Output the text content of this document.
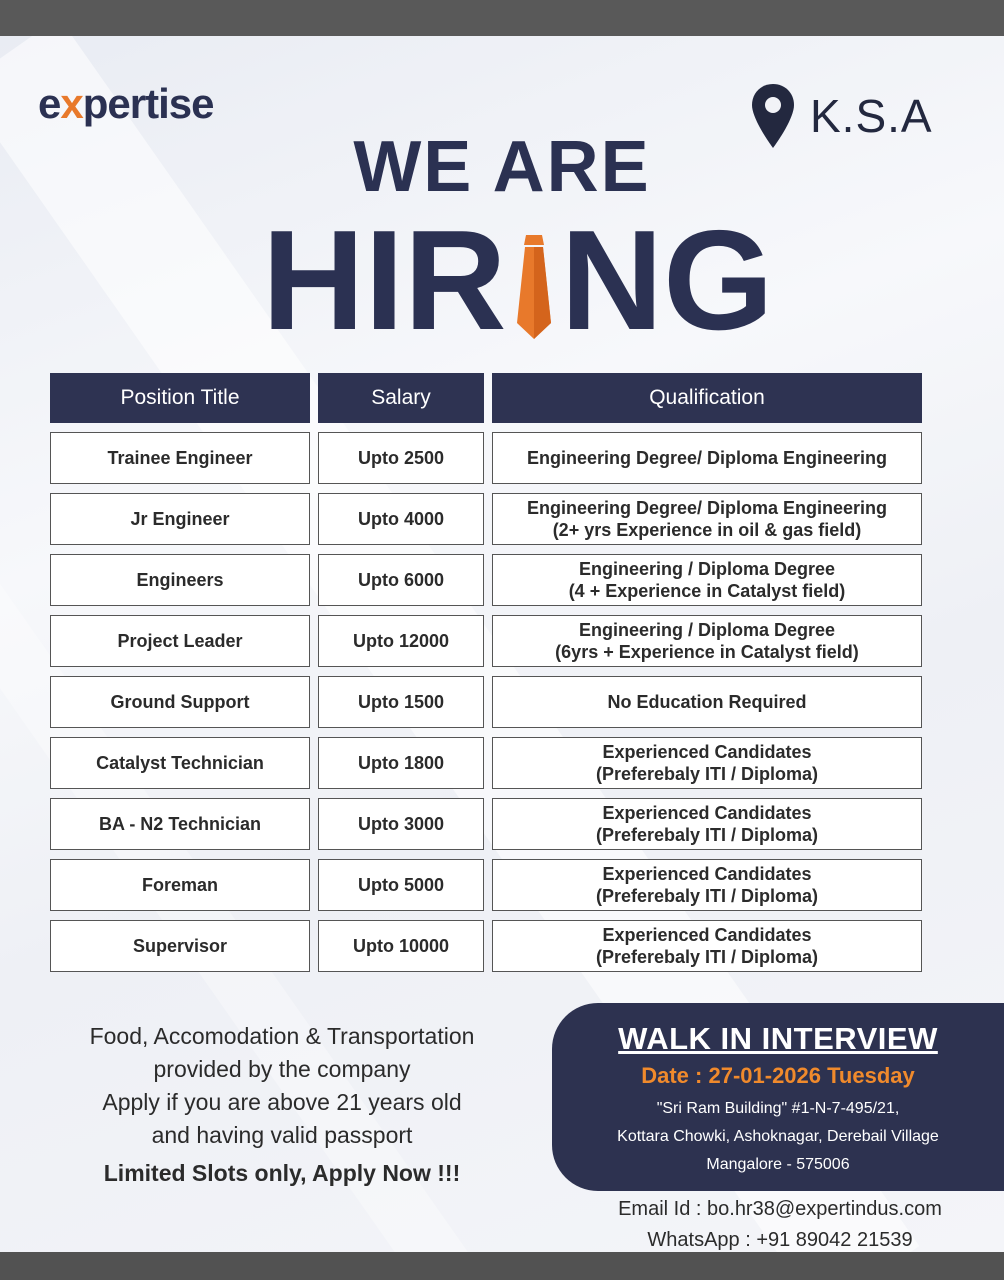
expertise	K.S.A
WE ARE
HIR NG
Position Title	Salary	Qualification
Trainee Engineer	Upto 2500	Engineering Degree/ Diploma Engineering

Jr Engineer	Upto 4000	Engineering Degree/ Diploma Engineering
(2+ yrs Experience in oil & gas field)

Engineers	Upto 6000	Engineering / Diploma Degree
(4 + Experience in Catalyst field)

Project Leader	Upto 12000	Engineering / Diploma Degree
(6yrs + Experience in Catalyst field)

Ground Support	Upto 1500	No Education Required

Catalyst Technician	Upto 1800	Experienced Candidates
(Preferebaly ITI / Diploma)

BA - N2 Technician	Upto 3000	Experienced Candidates
(Preferebaly ITI / Diploma)

Foreman	Upto 5000	Experienced Candidates
(Preferebaly ITI / Diploma)

Supervisor	Upto 10000	Experienced Candidates
(Preferebaly ITI / Diploma)
Food, Accomodation & Transportation
provided by the company
Apply if you are above 21 years old
and having valid passport
Limited Slots only, Apply Now !!!
WALK IN INTERVIEW
Date : 27-01-2026 Tuesday
"Sri Ram Building" #1-N-7-495/21,
Kottara Chowki, Ashoknagar, Derebail Village
Mangalore - 575006
Email Id : bo.hr38@expertindus.com
WhatsApp : +91 89042 21539
